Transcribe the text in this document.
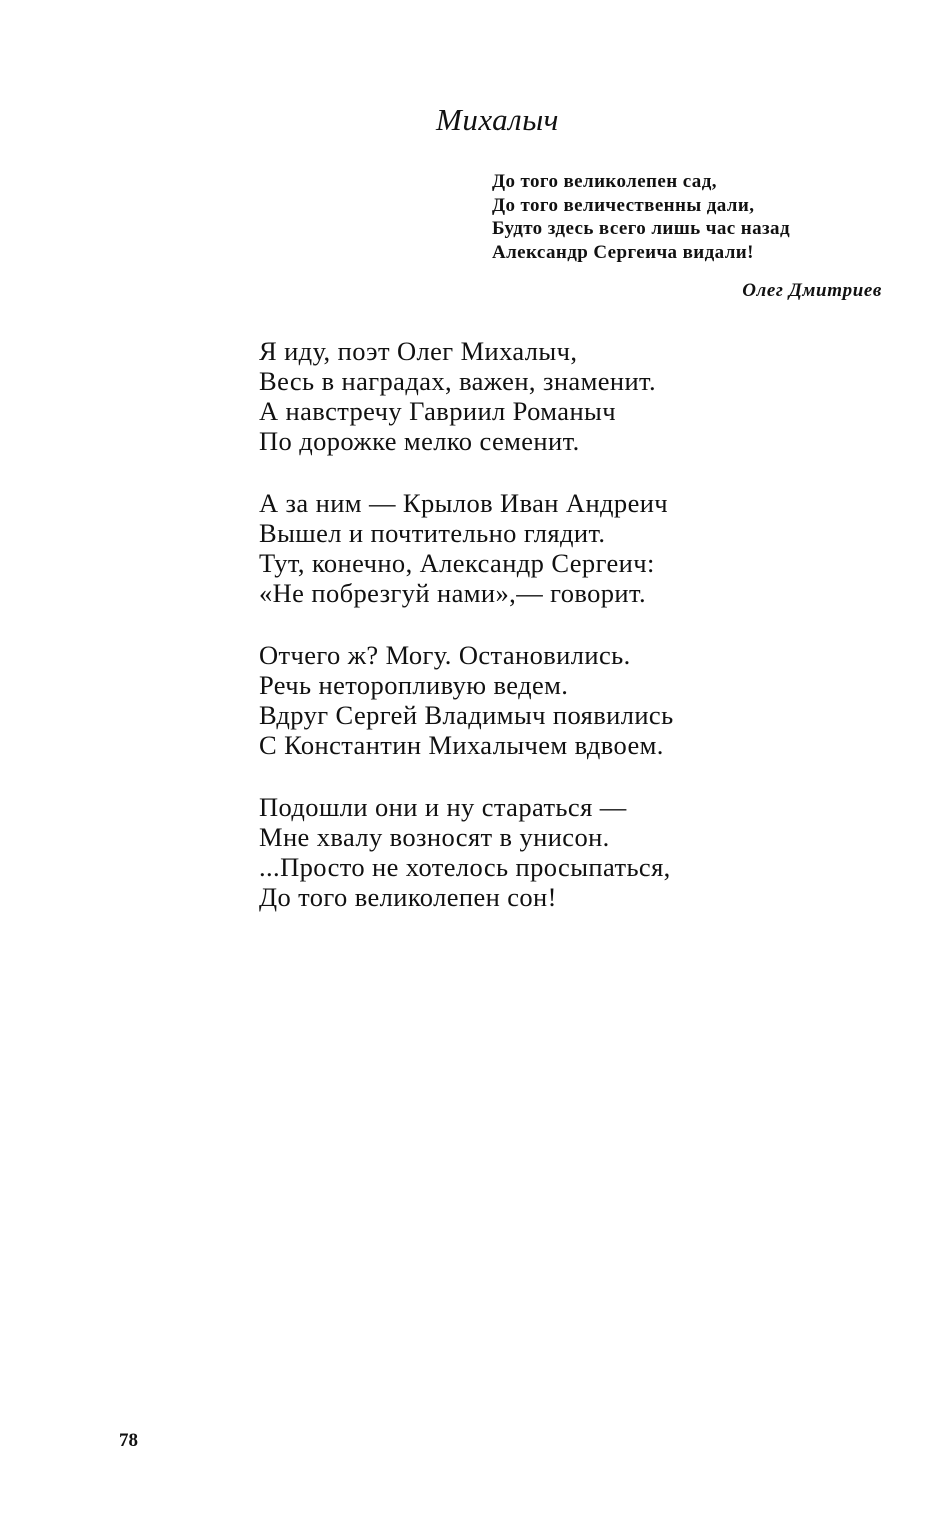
Михалыч
До того великолепен сад,
До того величественны дали,
Будто здесь всего лишь час назад
Александр Сергеича видали!
Олег Дмитриев
Я иду, поэт Олег Михалыч,
Весь в наградах, важен, знаменит.
А навстречу Гавриил Романыч
По дорожке мелко семенит.
А за ним — Крылов Иван Андреич
Вышел и почтительно глядит.
Тут, конечно, Александр Сергеич:
«Не побрезгуй нами»,— говорит.
Отчего ж? Могу. Остановились.
Речь неторопливую ведем.
Вдруг Сергей Владимыч появились
С Константин Михалычем вдвоем.
Подошли они и ну стараться —
Мне хвалу возносят в унисон.
...Просто не хотелось просыпаться,
До того великолепен сон!
78
